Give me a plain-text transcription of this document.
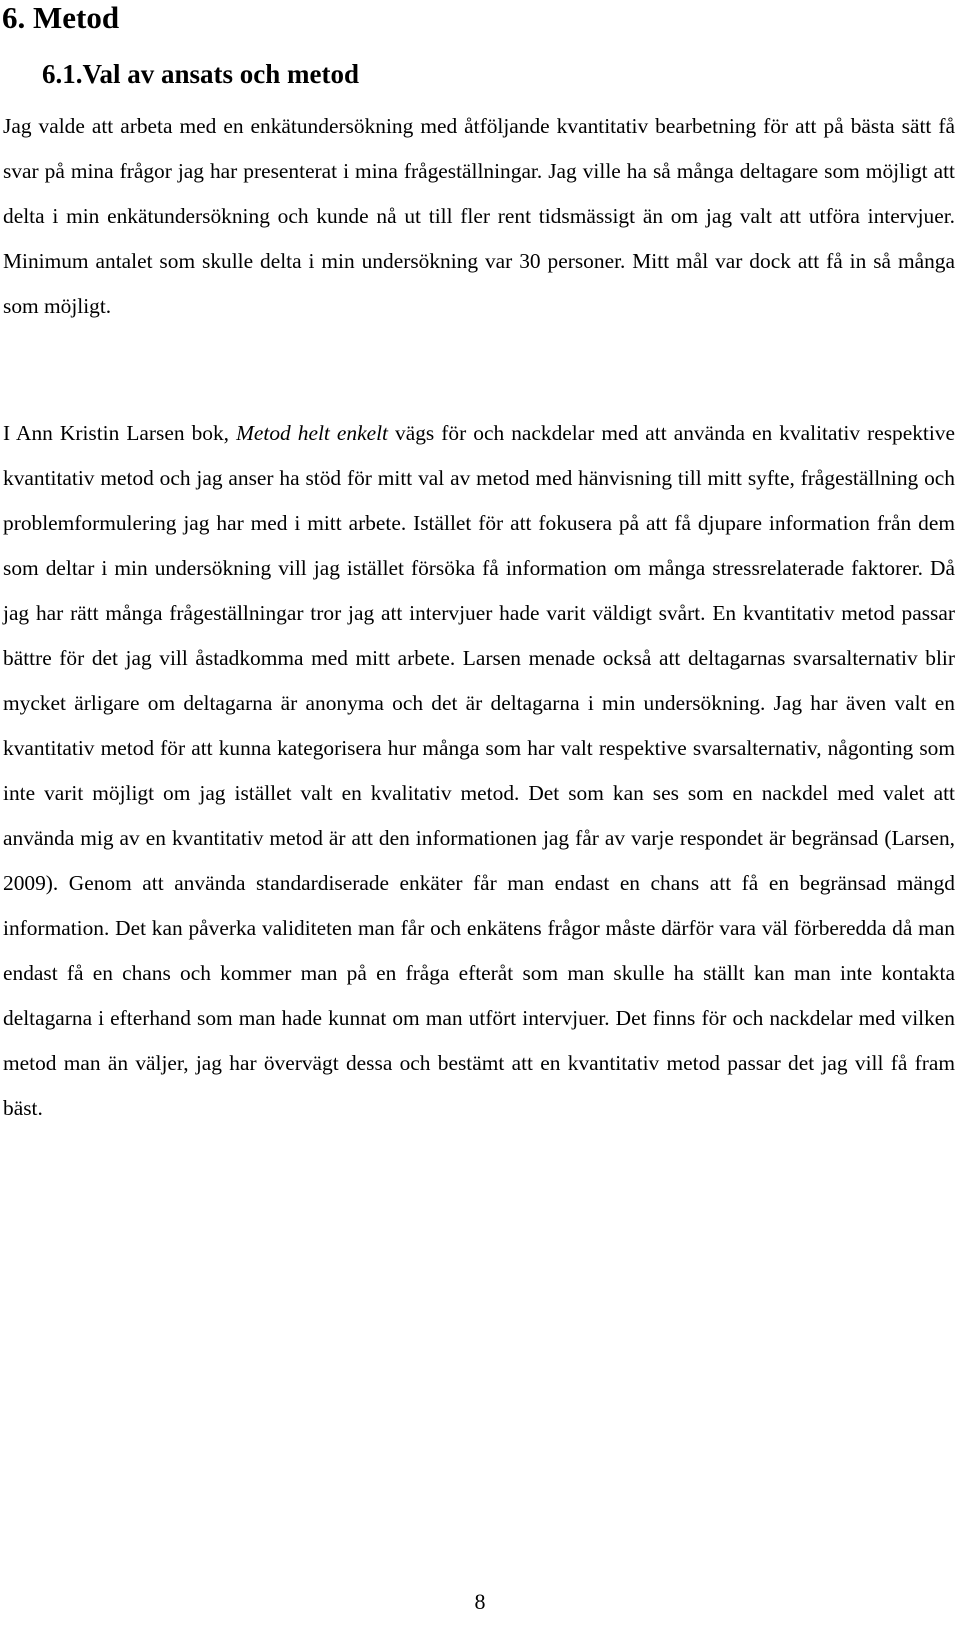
6. Metod
6.1.Val av ansats och metod

Jag valde att arbeta med en enkätundersökning med åtföljande kvantitativ bearbetning för att på bästa sätt få svar på mina frågor jag har presenterat i mina frågeställningar. Jag ville ha så många deltagare som möjligt att delta i min enkätundersökning och kunde nå ut till fler rent tidsmässigt än om jag valt att utföra intervjuer. Minimum antalet som skulle delta i min undersökning var 30 personer. Mitt mål var dock att få in så många som möjligt.

I Ann Kristin Larsen bok, Metod helt enkelt vägs för och nackdelar med att använda en kvalitativ respektive kvantitativ metod och jag anser ha stöd för mitt val av metod med hänvisning till mitt syfte, frågeställning och problemformulering jag har med i mitt arbete. Istället för att fokusera på att få djupare information från dem som deltar i min undersökning vill jag istället försöka få information om många stressrelaterade faktorer. Då jag har rätt många frågeställningar tror jag att intervjuer hade varit väldigt svårt. En kvantitativ metod passar bättre för det jag vill åstadkomma med mitt arbete. Larsen menade också att deltagarnas svarsalternativ blir mycket ärligare om deltagarna är anonyma och det är deltagarna i min undersökning. Jag har även valt en kvantitativ metod för att kunna kategorisera hur många som har valt respektive svarsalternativ, någonting som inte varit möjligt om jag istället valt en kvalitativ metod. Det som kan ses som en nackdel med valet att använda mig av en kvantitativ metod är att den informationen jag får av varje respondet är begränsad (Larsen, 2009). Genom att använda standardiserade enkäter får man endast en chans att få en begränsad mängd information. Det kan påverka validiteten man får och enkätens frågor måste därför vara väl förberedda då man endast få en chans och kommer man på en fråga efteråt som man skulle ha ställt kan man inte kontakta deltagarna i efterhand som man hade kunnat om man utfört intervjuer. Det finns för och nackdelar med vilken metod man än väljer, jag har övervägt dessa och bestämt att en kvantitativ metod passar det jag vill få fram bäst.

8
